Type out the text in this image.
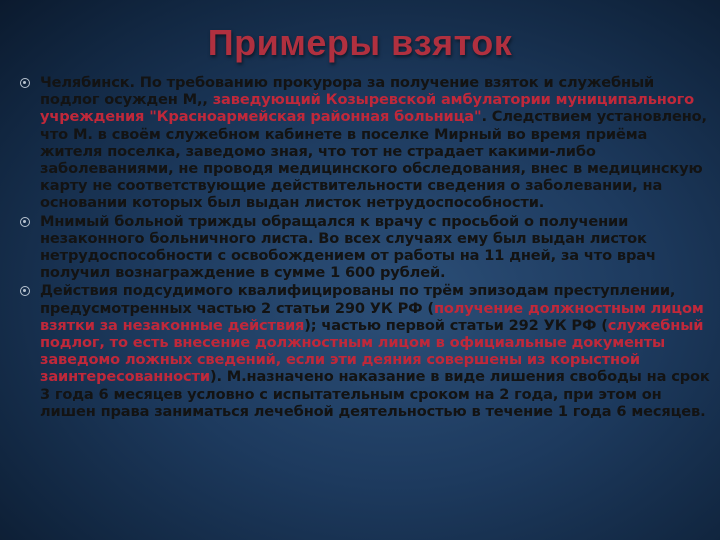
Примеры взяток
Челябинск. По требованию прокурора за получение взяток и служебный подлог осужден М,, заведующий Козыревской амбулатории муниципального учреждения "Красноармейская районная больница". Следствием установлено, что М. в своём служебном кабинете в поселке Мирный во время приёма жителя поселка, заведомо зная, что тот не страдает какими-либо заболеваниями, не проводя медицинского обследования, внес в медицинскую карту не соответствующие действительности сведения о заболевании, на основании которых был выдан листок нетрудоспособности.
Мнимый больной трижды обращался к врачу с просьбой о получении незаконного больничного листа. Во всех случаях ему был выдан листок нетрудоспособности с освобождением от работы на 11 дней, за что врач получил вознаграждение в сумме 1 600 рублей.
Действия подсудимого квалифицированы по трём эпизодам преступлении, предусмотренных частью 2 статьи 290 УК РФ (получение должностным лицом взятки за незаконные действия); частью первой статьи 292 УК РФ (служебный подлог, то есть внесение должностным лицом в официальные документы заведомо ложных сведений, если эти деяния совершены из корыстной заинтересованности). М.назначено наказание в виде лишения свободы на срок 3 года 6 месяцев условно с испытательным сроком на 2 года, при этом он лишен права заниматься лечебной деятельностью в течение 1 года 6 месяцев.
